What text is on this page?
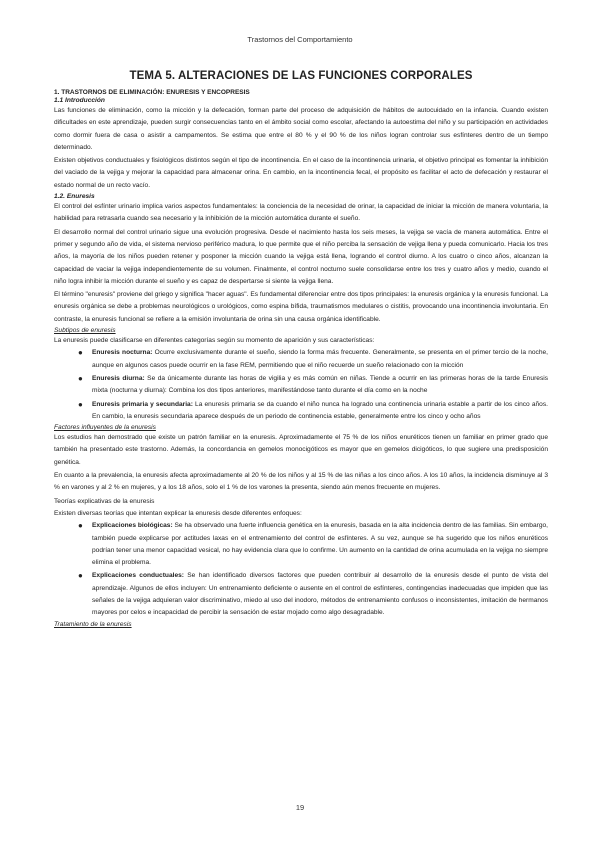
Trastornos del Comportamiento
TEMA 5. ALTERACIONES DE LAS FUNCIONES CORPORALES
1. TRASTORNOS DE ELIMINACIÓN: ENURESIS Y ENCOPRESIS
1.1 Introducción

Las funciones de eliminación, como la micción y la defecación, forman parte del proceso de adquisición de hábitos de autocuidado en la infancia. Cuando existen dificultades en este aprendizaje, pueden surgir consecuencias tanto en el ámbito social como escolar, afectando la autoestima del niño y su participación en actividades como dormir fuera de casa o asistir a campamentos. Se estima que entre el 80 % y el 90 % de los niños logran controlar sus esfínteres dentro de un tiempo determinado.

Existen objetivos conductuales y fisiológicos distintos según el tipo de incontinencia. En el caso de la incontinencia urinaria, el objetivo principal es fomentar la inhibición del vaciado de la vejiga y mejorar la capacidad para almacenar orina. En cambio, en la incontinencia fecal, el propósito es facilitar el acto de defecación y restaurar el estado normal de un recto vacío.

1.2. Enuresis

El control del esfínter urinario implica varios aspectos fundamentales: la conciencia de la necesidad de orinar, la capacidad de iniciar la micción de manera voluntaria, la habilidad para retrasarla cuando sea necesario y la inhibición de la micción automática durante el sueño.

El desarrollo normal del control urinario sigue una evolución progresiva. Desde el nacimiento hasta los seis meses, la vejiga se vacía de manera automática. Entre el primer y segundo año de vida, el sistema nervioso periférico madura, lo que permite que el niño perciba la sensación de vejiga llena y pueda comunicarlo. Hacia los tres años, la mayoría de los niños pueden retener y posponer la micción cuando la vejiga está llena, logrando el control diurno. A los cuatro o cinco años, alcanzan la capacidad de vaciar la vejiga independientemente de su volumen. Finalmente, el control nocturno suele consolidarse entre los tres y cuatro años y medio, cuando el niño logra inhibir la micción durante el sueño y es capaz de despertarse si siente la vejiga llena.

El término "enuresis" proviene del griego y significa "hacer aguas". Es fundamental diferenciar entre dos tipos principales: la enuresis orgánica y la enuresis funcional. La enuresis orgánica se debe a problemas neurológicos o urológicos, como espina bífida, traumatismos medulares o cistitis, provocando una incontinencia involuntaria. En contraste, la enuresis funcional se refiere a la emisión involuntaria de orina sin una causa orgánica identificable.

Subtipos de enuresis
La enuresis puede clasificarse en diferentes categorías según su momento de aparición y sus características:
● Enuresis nocturna: Ocurre exclusivamente durante el sueño, siendo la forma más frecuente. Generalmente, se presenta en el primer tercio de la noche, aunque en algunos casos puede ocurrir en la fase REM, permitiendo que el niño recuerde un sueño relacionado con la micción
● Enuresis diurna: Se da únicamente durante las horas de vigilia y es más común en niñas. Tiende a ocurrir en las primeras horas de la tarde Enuresis mixta (nocturna y diurna): Combina los dos tipos anteriores, manifestándose tanto durante el día como en la noche
● Enuresis primaria y secundaria: La enuresis primaria se da cuando el niño nunca ha logrado una continencia urinaria estable a partir de los cinco años. En cambio, la enuresis secundaria aparece después de un periodo de continencia estable, generalmente entre los cinco y ocho años
Factores influyentes de la enuresis

Los estudios han demostrado que existe un patrón familiar en la enuresis. Aproximadamente el 75 % de los niños enuréticos tienen un familiar en primer grado que también ha presentado este trastorno. Además, la concordancia en gemelos monocigóticos es mayor que en gemelos dicigóticos, lo que sugiere una predisposición genética.

En cuanto a la prevalencia, la enuresis afecta aproximadamente al 20 % de los niños y al 15 % de las niñas a los cinco años. A los 10 años, la incidencia disminuye al 3 % en varones y al 2 % en mujeres, y a los 18 años, solo el 1 % de los varones la presenta, siendo aún menos frecuente en mujeres.

Teorías explicativas de la enuresis
Existen diversas teorías que intentan explicar la enuresis desde diferentes enfoques:
● Explicaciones biológicas: Se ha observado una fuerte influencia genética en la enuresis, basada en la alta incidencia dentro de las familias. Sin embargo, también puede explicarse por actitudes laxas en el entrenamiento del control de esfínteres. A su vez, aunque se ha sugerido que los niños enuréticos podrían tener una menor capacidad vesical, no hay evidencia clara que lo confirme. Un aumento en la cantidad de orina acumulada en la vejiga no siempre elimina el problema.
● Explicaciones conductuales: Se han identificado diversos factores que pueden contribuir al desarrollo de la enuresis desde el punto de vista del aprendizaje. Algunos de ellos incluyen: Un entrenamiento deficiente o ausente en el control de esfínteres, contingencias inadecuadas que impiden que las señales de la vejiga adquieran valor discriminativo, miedo al uso del inodoro, métodos de entrenamiento confusos o inconsistentes, imitación de hermanos mayores por celos e incapacidad de percibir la sensación de estar mojado como algo desagradable.
Tratamiento de la enuresis
19
